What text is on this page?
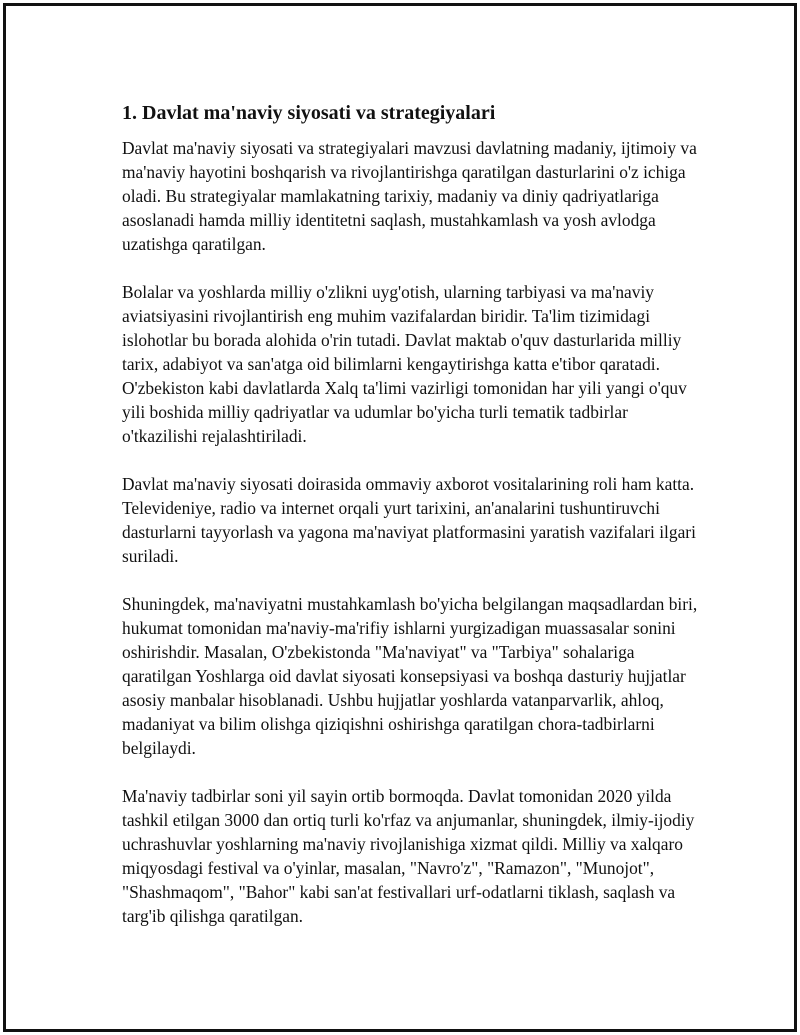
1. Davlat ma'naviy siyosati va strategiyalari

Davlat ma'naviy siyosati va strategiyalari mavzusi davlatning madaniy, ijtimoiy va ma'naviy hayotini boshqarish va rivojlantirishga qaratilgan dasturlarini o'z ichiga oladi. Bu strategiyalar mamlakatning tarixiy, madaniy va diniy qadriyatlariga asoslanadi hamda milliy identitetni saqlash, mustahkamlash va yosh avlodga uzatishga qaratilgan.

Bolalar va yoshlarda milliy o'zlikni uyg'otish, ularning tarbiyasi va ma'naviy aviatsiyasini rivojlantirish eng muhim vazifalardan biridir. Ta'lim tizimidagi islohotlar bu borada alohida o'rin tutadi. Davlat maktab o'quv dasturlarida milliy tarix, adabiyot va san'atga oid bilimlarni kengaytirishga katta e'tibor qaratadi. O'zbekiston kabi davlatlarda Xalq ta'limi vazirligi tomonidan har yili yangi o'quv yili boshida milliy qadriyatlar va udumlar bo'yicha turli tematik tadbirlar o'tkazilishi rejalashtiriladi.

Davlat ma'naviy siyosati doirasida ommaviy axborot vositalarining roli ham katta. Televideniye, radio va internet orqali yurt tarixini, an'analarini tushuntiruvchi dasturlarni tayyorlash va yagona ma'naviyat platformasini yaratish vazifalari ilgari suriladi.

Shuningdek, ma'naviyatni mustahkamlash bo'yicha belgilangan maqsadlardan biri, hukumat tomonidan ma'naviy-ma'rifiy ishlarni yurgizadigan muassasalar sonini oshirishdir. Masalan, O'zbekistonda "Ma'naviyat" va "Tarbiya" sohalariga qaratilgan Yoshlarga oid davlat siyosati konsepsiyasi va boshqa dasturiy hujjatlar asosiy manbalar hisoblanadi. Ushbu hujjatlar yoshlarda vatanparvarlik, ahloq, madaniyat va bilim olishga qiziqishni oshirishga qaratilgan chora-tadbirlarni belgilaydi.

Ma'naviy tadbirlar soni yil sayin ortib bormoqda. Davlat tomonidan 2020 yilda tashkil etilgan 3000 dan ortiq turli ko'rfaz va anjumanlar, shuningdek, ilmiy-ijodiy uchrashuvlar yoshlarning ma'naviy rivojlanishiga xizmat qildi. Milliy va xalqaro miqyosdagi festival va o'yinlar, masalan, "Navro'z", "Ramazon", "Munojot", "Shashmaqom", "Bahor" kabi san'at festivallari urf-odatlarni tiklash, saqlash va targ'ib qilishga qaratilgan.
